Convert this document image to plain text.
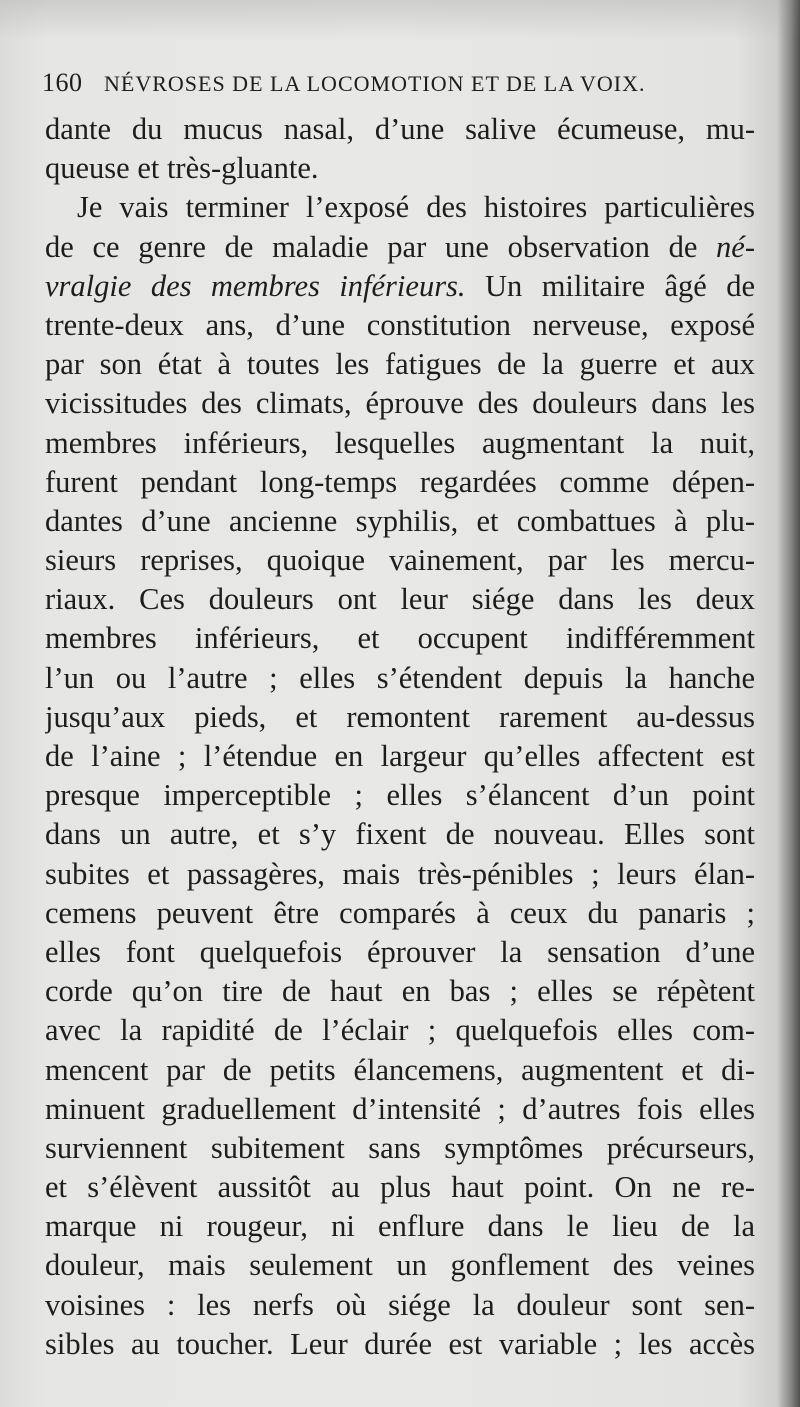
160 NÉVROSES DE LA LOCOMOTION ET DE LA VOIX.
dante du mucus nasal, d’une salive écumeuse, mu-
queuse et très-gluante.
Je vais terminer l’exposé des histoires particulières
de ce genre de maladie par une observation de né-
vralgie des membres inférieurs. Un militaire âgé de
trente-deux ans, d’une constitution nerveuse, exposé
par son état à toutes les fatigues de la guerre et aux
vicissitudes des climats, éprouve des douleurs dans les
membres inférieurs, lesquelles augmentant la nuit,
furent pendant long-temps regardées comme dépen-
dantes d’une ancienne syphilis, et combattues à plu-
sieurs reprises, quoique vainement, par les mercu-
riaux. Ces douleurs ont leur siége dans les deux
membres inférieurs, et occupent indifféremment
l’un ou l’autre ; elles s’étendent depuis la hanche
jusqu’aux pieds, et remontent rarement au-dessus
de l’aine ; l’étendue en largeur qu’elles affectent est
presque imperceptible ; elles s’élancent d’un point
dans un autre, et s’y fixent de nouveau. Elles sont
subites et passagères, mais très-pénibles ; leurs élan-
cemens peuvent être comparés à ceux du panaris ;
elles font quelquefois éprouver la sensation d’une
corde qu’on tire de haut en bas ; elles se répètent
avec la rapidité de l’éclair ; quelquefois elles com-
mencent par de petits élancemens, augmentent et di-
minuent graduellement d’intensité ; d’autres fois elles
surviennent subitement sans symptômes précurseurs,
et s’élèvent aussitôt au plus haut point. On ne re-
marque ni rougeur, ni enflure dans le lieu de la
douleur, mais seulement un gonflement des veines
voisines : les nerfs où siége la douleur sont sen-
sibles au toucher. Leur durée est variable ; les accès
